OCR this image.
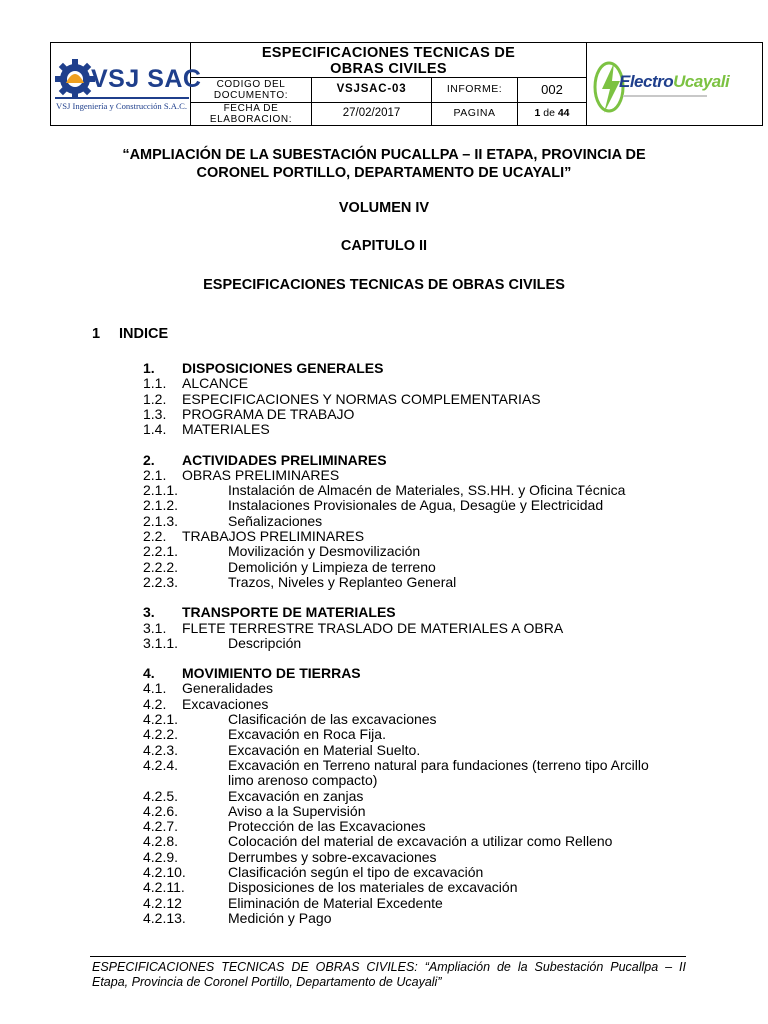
VSJ SAC
VSJ Ingeniería y Construcción S.A.C.
ESPECIFICACIONES TECNICAS DE
OBRAS CIVILES
CODIGO DEL DOCUMENTO:
VSJSAC-03	INFORME:	002
FECHA DE ELABORACION:
27/02/2017	PAGINA	1 de 44
ElectroUcayali
“AMPLIACIÓN DE LA SUBESTACIÓN PUCALLPA – II ETAPA, PROVINCIA DE
CORONEL PORTILLO, DEPARTAMENTO DE UCAYALI”
VOLUMEN IV
CAPITULO II
ESPECIFICACIONES TECNICAS DE OBRAS CIVILES
1 INDICE
1. DISPOSICIONES GENERALES
1.1. ALCANCE
1.2. ESPECIFICACIONES Y NORMAS COMPLEMENTARIAS
1.3. PROGRAMA DE TRABAJO
1.4. MATERIALES
2. ACTIVIDADES PRELIMINARES
2.1. OBRAS PRELIMINARES
2.1.1.	Instalación de Almacén de Materiales, SS.HH. y Oficina Técnica
2.1.2.	Instalaciones Provisionales de Agua, Desagüe y Electricidad
2.1.3.	Señalizaciones
2.2. TRABAJOS PRELIMINARES
2.2.1.	Movilización y Desmovilización
2.2.2.	Demolición y Limpieza de terreno
2.2.3.	Trazos, Niveles y Replanteo General
3. TRANSPORTE DE MATERIALES
3.1. FLETE TERRESTRE TRASLADO DE MATERIALES A OBRA
3.1.1.	Descripción
4. MOVIMIENTO DE TIERRAS
4.1. Generalidades
4.2. Excavaciones
4.2.1.	Clasificación de las excavaciones
4.2.2.	Excavación en Roca Fija.
4.2.3.	Excavación en Material Suelto.
4.2.4.	Excavación en Terreno natural para fundaciones (terreno tipo Arcillo
limo arenoso compacto)
4.2.5.	Excavación en zanjas
4.2.6.	Aviso a la Supervisión
4.2.7.	Protección de las Excavaciones
4.2.8.	Colocación del material de excavación a utilizar como Relleno
4.2.9.	Derrumbes y sobre-excavaciones
4.2.10.	Clasificación según el tipo de excavación
4.2.11.	Disposiciones de los materiales de excavación
4.2.12	Eliminación de Material Excedente
4.2.13.	Medición y Pago
ESPECIFICACIONES TECNICAS DE OBRAS CIVILES: “Ampliación de la Subestación Pucallpa – II Etapa, Provincia de Coronel Portillo, Departamento de Ucayali”
